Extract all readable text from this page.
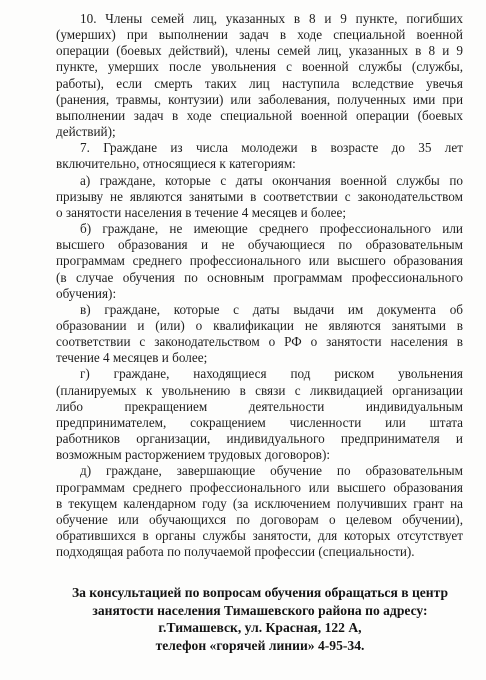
10. Члены семей лиц, указанных в 8 и 9 пункте, погибших
(умерших) при выполнении задач в ходе специальной военной
операции (боевых действий), члены семей лиц, указанных в 8 и 9
пункте, умерших после увольнения с военной службы (службы,
работы), если смерть таких лиц наступила вследствие увечья
(ранения, травмы, контузии) или заболевания, полученных ими при
выполнении задач в ходе специальной военной операции (боевых
действий);
7. Граждане из числа молодежи в возрасте до 35 лет
включительно, относящиеся к категориям:
а) граждане, которые с даты окончания военной службы по
призыву не являются занятыми в соответствии с законодательством
о занятости населения в течение 4 месяцев и более;
б) граждане, не имеющие среднего профессионального или
высшего образования и не обучающиеся по образовательным
программам среднего профессионального или высшего образования
(в случае обучения по основным программам профессионального
обучения):
в) граждане, которые с даты выдачи им документа об
образовании и (или) о квалификации не являются занятыми в
соответствии с законодательством о РФ о занятости населения в
течение 4 месяцев и более;
г) граждане, находящиеся под риском увольнения
(планируемых к увольнению в связи с ликвидацией организации
либо прекращением деятельности индивидуальным
предпринимателем, сокращением численности или штата
работников организации, индивидуального предпринимателя и
возможным расторжением трудовых договоров):
д) граждане, завершающие обучение по образовательным
программам среднего профессионального или высшего образования
в текущем календарном году (за исключением получивших грант на
обучение или обучающихся по договорам о целевом обучении),
обратившихся в органы службы занятости, для которых отсутствует
подходящая работа по получаемой профессии (специальности).
За консультацией по вопросам обучения обращаться в центр
занятости населения Тимашевского района по адресу:
г.Тимашевск, ул. Красная, 122 А,
телефон «горячей линии» 4-95-34.
